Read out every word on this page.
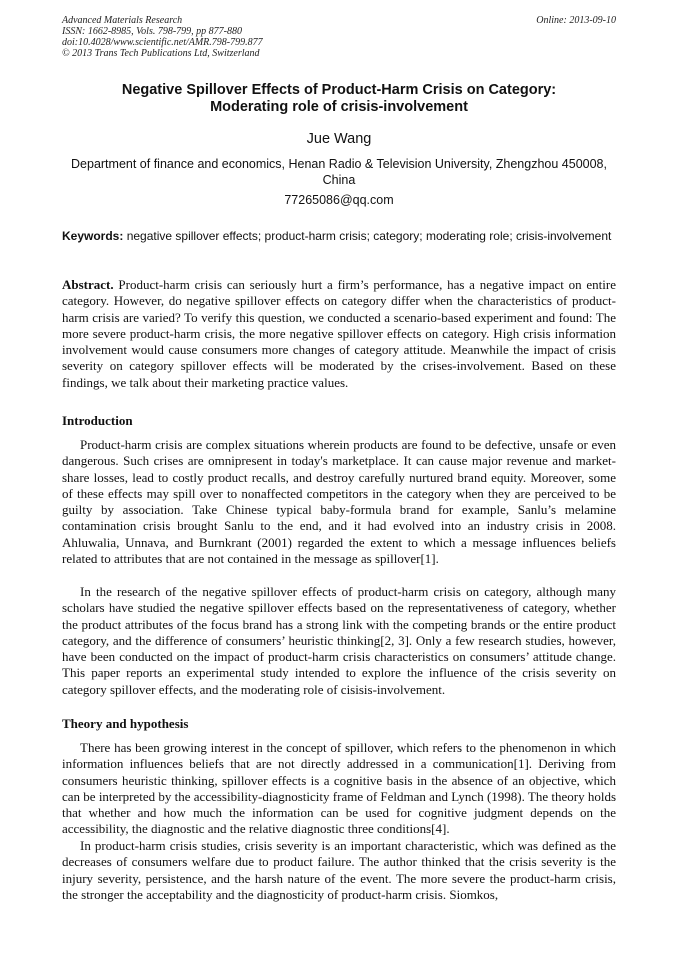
Advanced Materials Research
ISSN: 1662-8985, Vols. 798-799, pp 877-880
doi:10.4028/www.scientific.net/AMR.798-799.877
© 2013 Trans Tech Publications Ltd, Switzerland
Online: 2013-09-10
Negative Spillover Effects of Product-Harm Crisis on Category:
Moderating role of crisis-involvement
Jue Wang
Department of finance and economics, Henan Radio & Television University, Zhengzhou 450008, China
77265086@qq.com
Keywords: negative spillover effects; product-harm crisis; category; moderating role; crisis-involvement
Abstract. Product-harm crisis can seriously hurt a firm’s performance, has a negative impact on entire category. However, do negative spillover effects on category differ when the characteristics of product-harm crisis are varied? To verify this question, we conducted a scenario-based experiment and found: The more severe product-harm crisis, the more negative spillover effects on category. High crisis information involvement would cause consumers more changes of category attitude. Meanwhile the impact of crisis severity on category spillover effects will be moderated by the crises-involvement. Based on these findings, we talk about their marketing practice values.
Introduction
Product-harm crisis are complex situations wherein products are found to be defective, unsafe or even dangerous. Such crises are omnipresent in today's marketplace. It can cause major revenue and market-share losses, lead to costly product recalls, and destroy carefully nurtured brand equity. Moreover, some of these effects may spill over to nonaffected competitors in the category when they are perceived to be guilty by association. Take Chinese typical baby-formula brand for example, Sanlu’s melamine contamination crisis brought Sanlu to the end, and it had evolved into an industry crisis in 2008. Ahluwalia, Unnava, and Burnkrant (2001) regarded the extent to which a message influences beliefs related to attributes that are not contained in the message as spillover[1].
In the research of the negative spillover effects of product-harm crisis on category, although many scholars have studied the negative spillover effects based on the representativeness of category, whether the product attributes of the focus brand has a strong link with the competing brands or the entire product category, and the difference of consumers’ heuristic thinking[2, 3]. Only a few research studies, however, have been conducted on the impact of product-harm crisis characteristics on consumers’ attitude change. This paper reports an experimental study intended to explore the influence of the crisis severity on category spillover effects, and the moderating role of cisisis-involvement.
Theory and hypothesis
There has been growing interest in the concept of spillover, which refers to the phenomenon in which information influences beliefs that are not directly addressed in a communication[1]. Deriving from consumers heuristic thinking, spillover effects is a cognitive basis in the absence of an objective, which can be interpreted by the accessibility-diagnosticity frame of Feldman and Lynch (1998). The theory holds that whether and how much the information can be used for cognitive judgment depends on the accessibility, the diagnostic and the relative diagnostic three conditions[4].
In product-harm crisis studies, crisis severity is an important characteristic, which was defined as the decreases of consumers welfare due to product failure. The author thinked that the crisis severity is the injury severity, persistence, and the harsh nature of the event. The more severe the product-harm crisis, the stronger the acceptability and the diagnosticity of product-harm crisis. Siomkos,
